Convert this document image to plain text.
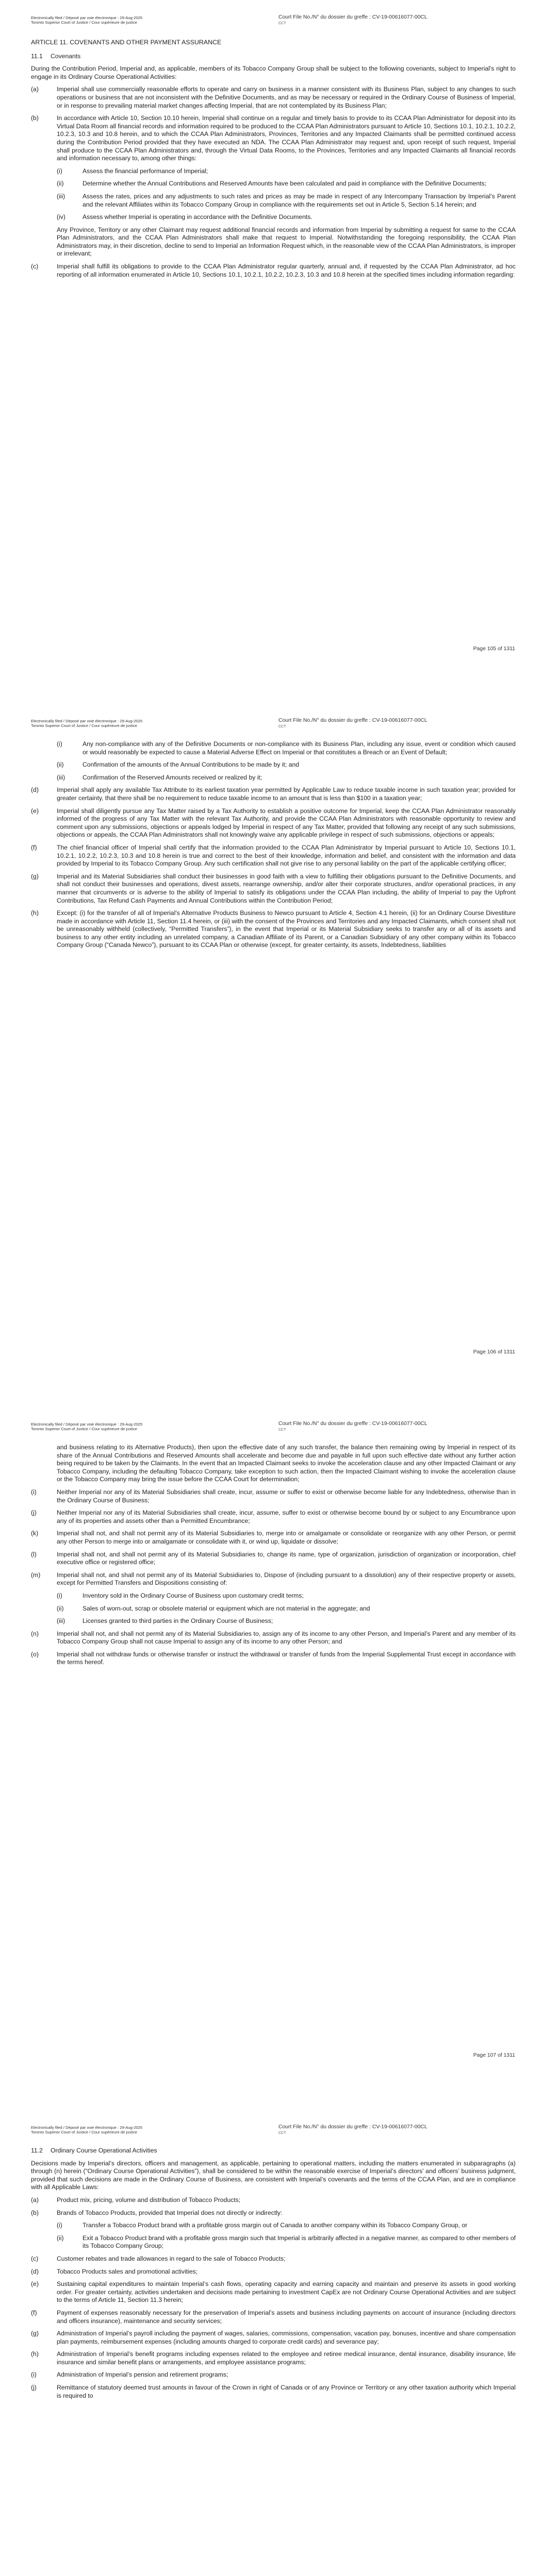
Electronically filed / Déposé par voie électronique : 29-Aug-2025
Toronto Superior Court of Justice / Cour supérieure de justice
Court File No./N° du dossier du greffe : CV-19-00616077-00CL
CCT
ARTICLE 11. COVENANTS AND OTHER PAYMENT ASSURANCE
11.1 Covenants

During the Contribution Period, Imperial and, as applicable, members of its Tobacco Company Group shall be subject to the following covenants, subject to Imperial’s right to engage in its Ordinary Course Operational Activities:

(a)	Imperial shall use commercially reasonable efforts to operate and carry on business in a manner consistent with its Business Plan, subject to any changes to such operations or business that are not inconsistent with the Definitive Documents, and as may be necessary or required in the Ordinary Course of Business of Imperial, or in response to prevailing material market changes affecting Imperial, that are not contemplated by its Business Plan;
(b)	In accordance with Article 10, Section 10.10 herein, Imperial shall continue on a regular and timely basis to provide to its CCAA Plan Administrator for deposit into its Virtual Data Room all financial records and information required to be produced to the CCAA Plan Administrators pursuant to Article 10, Sections 10.1, 10.2.1, 10.2.2, 10.2.3, 10.3 and 10.8 herein, and to which the CCAA Plan Administrators, Provinces, Territories and any Impacted Claimants shall be permitted continued access during the Contribution Period provided that they have executed an NDA. The CCAA Plan Administrator may request and, upon receipt of such request, Imperial shall produce to the CCAA Plan Administrators and, through the Virtual Data Rooms, to the Provinces, Territories and any Impacted Claimants all financial records and information necessary to, among other things:
(i)	Assess the financial performance of Imperial;
(ii)	Determine whether the Annual Contributions and Reserved Amounts have been calculated and paid in compliance with the Definitive Documents;
(iii)	Assess the rates, prices and any adjustments to such rates and prices as may be made in respect of any Intercompany Transaction by Imperial’s Parent and the relevant Affiliates within its Tobacco Company Group in compliance with the requirements set out in Article 5, Section 5.14 herein; and
(iv)	Assess whether Imperial is operating in accordance with the Definitive Documents.
Any Province, Territory or any other Claimant may request additional financial records and information from Imperial by submitting a request for same to the CCAA Plan Administrators, and the CCAA Plan Administrators shall make that request to Imperial. Notwithstanding the foregoing responsibility, the CCAA Plan Administrators may, in their discretion, decline to send to Imperial an Information Request which, in the reasonable view of the CCAA Plan Administrators, is improper or irrelevant;
(c)	Imperial shall fulfill its obligations to provide to the CCAA Plan Administrator regular quarterly, annual and, if requested by the CCAA Plan Administrator, ad hoc reporting of all information enumerated in Article 10, Sections 10.1, 10.2.1, 10.2.2, 10.2.3, 10.3 and 10.8 herein at the specified times including information regarding:
Page 105 of 1311
Electronically filed / Déposé par voie électronique : 29-Aug-2025
Toronto Superior Court of Justice / Cour supérieure de justice
Court File No./N° du dossier du greffe : CV-19-00616077-00CL
CCT
(i)	Any non-compliance with any of the Definitive Documents or non-compliance with its Business Plan, including any issue, event or condition which caused or would reasonably be expected to cause a Material Adverse Effect on Imperial or that constitutes a Breach or an Event of Default;
(ii)	Confirmation of the amounts of the Annual Contributions to be made by it; and
(iii)	Confirmation of the Reserved Amounts received or realized by it;
(d)	Imperial shall apply any available Tax Attribute to its earliest taxation year permitted by Applicable Law to reduce taxable income in such taxation year; provided for greater certainty, that there shall be no requirement to reduce taxable income to an amount that is less than $100 in a taxation year;
(e)	Imperial shall diligently pursue any Tax Matter raised by a Tax Authority to establish a positive outcome for Imperial, keep the CCAA Plan Administrator reasonably informed of the progress of any Tax Matter with the relevant Tax Authority, and provide the CCAA Plan Administrators with reasonable opportunity to review and comment upon any submissions, objections or appeals lodged by Imperial in respect of any Tax Matter, provided that following any receipt of any such submissions, objections or appeals, the CCAA Plan Administrators shall not knowingly waive any applicable privilege in respect of such submissions, objections or appeals;
(f)	The chief financial officer of Imperial shall certify that the information provided to the CCAA Plan Administrator by Imperial pursuant to Article 10, Sections 10.1, 10.2.1, 10.2.2, 10.2.3, 10.3 and 10.8 herein is true and correct to the best of their knowledge, information and belief, and consistent with the information and data provided by Imperial to its Tobacco Company Group. Any such certification shall not give rise to any personal liability on the part of the applicable certifying officer;
(g)	Imperial and its Material Subsidiaries shall conduct their businesses in good faith with a view to fulfilling their obligations pursuant to the Definitive Documents, and shall not conduct their businesses and operations, divest assets, rearrange ownership, and/or alter their corporate structures, and/or operational practices, in any manner that circumvents or is adverse to the ability of Imperial to satisfy its obligations under the CCAA Plan including, the ability of Imperial to pay the Upfront Contributions, Tax Refund Cash Payments and Annual Contributions within the Contribution Period;
(h)	Except: (i) for the transfer of all of Imperial’s Alternative Products Business to Newco pursuant to Article 4, Section 4.1 herein, (ii) for an Ordinary Course Divestiture made in accordance with Article 11, Section 11.4 herein, or (iii) with the consent of the Provinces and Territories and any Impacted Claimants, which consent shall not be unreasonably withheld (collectively, “Permitted Transfers”), in the event that Imperial or its Material Subsidiary seeks to transfer any or all of its assets and business to any other entity including an unrelated company, a Canadian Affiliate of its Parent, or a Canadian Subsidiary of any other company within its Tobacco Company Group (“Canada Newco”), pursuant to its CCAA Plan or otherwise (except, for greater certainty, its assets, Indebtedness, liabilities
Page 106 of 1311
Electronically filed / Déposé par voie électronique : 29-Aug-2025
Toronto Superior Court of Justice / Cour supérieure de justice
Court File No./N° du dossier du greffe : CV-19-00616077-00CL
CCT
and business relating to its Alternative Products), then upon the effective date of any such transfer, the balance then remaining owing by Imperial in respect of its share of the Annual Contributions and Reserved Amounts shall accelerate and become due and payable in full upon such effective date without any further action being required to be taken by the Claimants. In the event that an Impacted Claimant seeks to invoke the acceleration clause and any other Impacted Claimant or any Tobacco Company, including the defaulting Tobacco Company, take exception to such action, then the Impacted Claimant wishing to invoke the acceleration clause or the Tobacco Company may bring the issue before the CCAA Court for determination;
(i)	Neither Imperial nor any of its Material Subsidiaries shall create, incur, assume or suffer to exist or otherwise become liable for any Indebtedness, otherwise than in the Ordinary Course of Business;
(j)	Neither Imperial nor any of its Material Subsidiaries shall create, incur, assume, suffer to exist or otherwise become bound by or subject to any Encumbrance upon any of its properties and assets other than a Permitted Encumbrance;
(k)	Imperial shall not, and shall not permit any of its Material Subsidiaries to, merge into or amalgamate or consolidate or reorganize with any other Person, or permit any other Person to merge into or amalgamate or consolidate with it, or wind up, liquidate or dissolve;
(l)	Imperial shall not, and shall not permit any of its Material Subsidiaries to, change its name, type of organization, jurisdiction of organization or incorporation, chief executive office or registered office;
(m)	Imperial shall not, and shall not permit any of its Material Subsidiaries to, Dispose of (including pursuant to a dissolution) any of their respective property or assets, except for Permitted Transfers and Dispositions consisting of:
(i)	Inventory sold in the Ordinary Course of Business upon customary credit terms;
(ii)	Sales of worn-out, scrap or obsolete material or equipment which are not material in the aggregate; and
(iii)	Licenses granted to third parties in the Ordinary Course of Business;
(n)	Imperial shall not, and shall not permit any of its Material Subsidiaries to, assign any of its income to any other Person, and Imperial’s Parent and any member of its Tobacco Company Group shall not cause Imperial to assign any of its income to any other Person; and
(o)	Imperial shall not withdraw funds or otherwise transfer or instruct the withdrawal or transfer of funds from the Imperial Supplemental Trust except in accordance with the terms hereof.
Page 107 of 1311
Electronically filed / Déposé par voie électronique : 29-Aug-2025
Toronto Superior Court of Justice / Cour supérieure de justice
Court File No./N° du dossier du greffe : CV-19-00616077-00CL
CCT
11.2 Ordinary Course Operational Activities

Decisions made by Imperial’s directors, officers and management, as applicable, pertaining to operational matters, including the matters enumerated in subparagraphs (a) through (n) herein (“Ordinary Course Operational Activities”), shall be considered to be within the reasonable exercise of Imperial’s directors’ and officers’ business judgment, provided that such decisions are made in the Ordinary Course of Business, are consistent with Imperial’s covenants and the terms of the CCAA Plan, and are in compliance with all Applicable Laws:

(a)	Product mix, pricing, volume and distribution of Tobacco Products;
(b)	Brands of Tobacco Products, provided that Imperial does not directly or indirectly:
(i)	Transfer a Tobacco Product brand with a profitable gross margin out of Canada to another company within its Tobacco Company Group, or
(ii)	Exit a Tobacco Product brand with a profitable gross margin such that Imperial is arbitrarily affected in a negative manner, as compared to other members of its Tobacco Company Group;
(c)	Customer rebates and trade allowances in regard to the sale of Tobacco Products;
(d)	Tobacco Products sales and promotional activities;
(e)	Sustaining capital expenditures to maintain Imperial’s cash flows, operating capacity and earning capacity and maintain and preserve its assets in good working order. For greater certainty, activities undertaken and decisions made pertaining to investment CapEx are not Ordinary Course Operational Activities and are subject to the terms of Article 11, Section 11.3 herein;
(f)	Payment of expenses reasonably necessary for the preservation of Imperial’s assets and business including payments on account of insurance (including directors and officers insurance), maintenance and security services;
(g)	Administration of Imperial’s payroll including the payment of wages, salaries, commissions, compensation, vacation pay, bonuses, incentive and share compensation plan payments, reimbursement expenses (including amounts charged to corporate credit cards) and severance pay;
(h)	Administration of Imperial’s benefit programs including expenses related to the employee and retiree medical insurance, dental insurance, disability insurance, life insurance and similar benefit plans or arrangements, and employee assistance programs;
(i)	Administration of Imperial’s pension and retirement programs;
(j)	Remittance of statutory deemed trust amounts in favour of the Crown in right of Canada or of any Province or Territory or any other taxation authority which Imperial is required to
